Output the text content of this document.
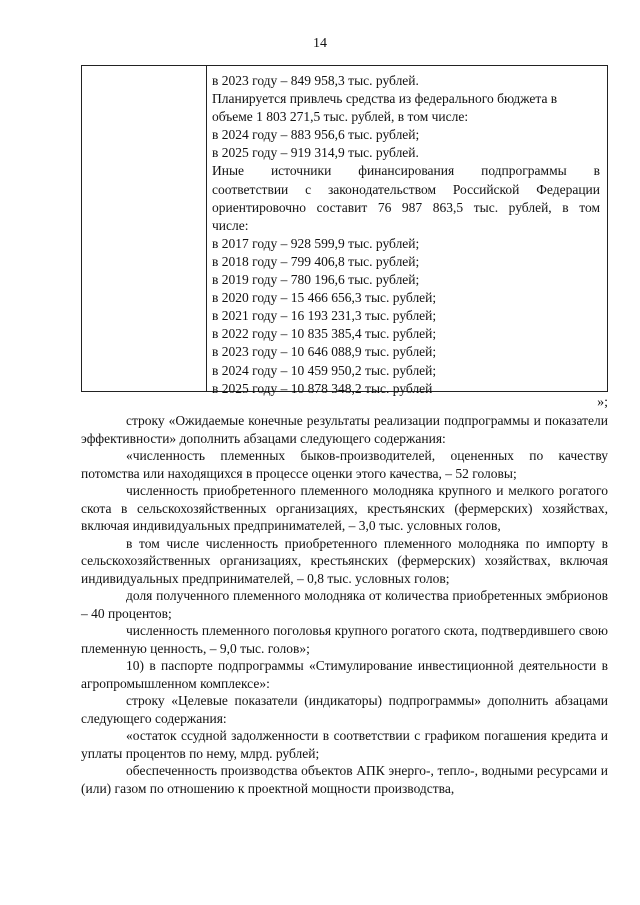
14
в 2023 году – 849 958,3 тыс. рублей.
Планируется привлечь средства из федерального бюджета в
объеме 1 803 271,5 тыс. рублей, в том числе:
в 2024 году – 883 956,6 тыс. рублей;
в 2025 году – 919 314,9 тыс. рублей.
Иные источники финансирования подпрограммы в
соответствии с законодательством Российской Федерации
ориентировочно составит 76 987 863,5 тыс. рублей, в том
числе:
в 2017 году – 928 599,9 тыс. рублей;
в 2018 году – 799 406,8 тыс. рублей;
в 2019 году – 780 196,6 тыс. рублей;
в 2020 году – 15 466 656,3 тыс. рублей;
в 2021 году – 16 193 231,3 тыс. рублей;
в 2022 году – 10 835 385,4 тыс. рублей;
в 2023 году – 10 646 088,9 тыс. рублей;
в 2024 году – 10 459 950,2 тыс. рублей;
в 2025 году – 10 878 348,2 тыс. рублей
»;

строку «Ожидаемые конечные результаты реализации подпрограммы и показатели эффективности» дополнить абзацами следующего содержания:

«численность племенных быков-производителей, оцененных по качеству потомства или находящихся в процессе оценки этого качества, – 52 головы;

численность приобретенного племенного молодняка крупного и мелкого рогатого скота в сельскохозяйственных организациях, крестьянских (фермерских) хозяйствах, включая индивидуальных предпринимателей, – 3,0 тыс. условных голов,

в том числе численность приобретенного племенного молодняка по импорту в сельскохозяйственных организациях, крестьянских (фермерских) хозяйствах, включая индивидуальных предпринимателей, – 0,8 тыс. условных голов;

доля полученного племенного молодняка от количества приобретенных эмбрионов – 40 процентов;

численность племенного поголовья крупного рогатого скота, подтвердившего свою племенную ценность, – 9,0 тыс. голов»;

10) в паспорте подпрограммы «Стимулирование инвестиционной деятельности в агропромышленном комплексе»:

строку «Целевые показатели (индикаторы) подпрограммы» дополнить абзацами следующего содержания:

«остаток ссудной задолженности в соответствии с графиком погашения кредита и уплаты процентов по нему, млрд. рублей;

обеспеченность производства объектов АПК энерго-, тепло-, водными ресурсами и (или) газом по отношению к проектной мощности производства,
